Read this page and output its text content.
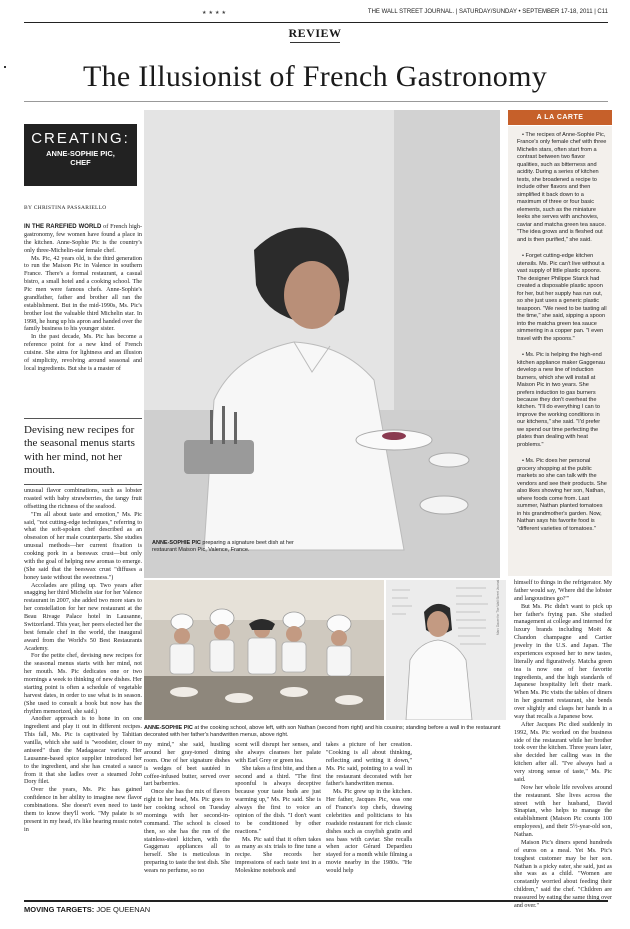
★★★★	THE WALL STREET JOURNAL. | SATURDAY/SUNDAY • SEPTEMBER 17-18, 2011 | C11
REVIEW
The Illusionist of French Gastronomy
CREATING:
ANNE-SOPHIE PIC,
CHEF
BY CHRISTINA PASSARIELLO

IN THE RAREFIED WORLD of French high-gastronomy, few women have found a place in the kitchen. Anne-Sophie Pic is the country's only three-Michelin-star female chef.

Ms. Pic, 42 years old, is the third generation to run the Maison Pic in Valence in southern France. There's a formal restaurant, a casual bistro, a small hotel and a cooking school. The Pic men were famous chefs. Anne-Sophie's grandfather, father and brother all ran the establishment. But in the mid-1990s, Ms. Pic's brother lost the valuable third Michelin star. In 1998, he hung up his apron and handed over the family business to his younger sister.

In the past decade, Ms. Pic has become a reference point for a new kind of French cuisine. She aims for lightness and an illusion of simplicity, revolving around seasonal and local ingredients. But she is a master of

Devising new recipes for the seasonal menus starts with her mind, not her mouth.

unusual flavor combinations, such as lobster roasted with baby strawberries, the tangy fruit offsetting the richness of the seafood.

"I'm all about taste and emotion," Ms. Pic said, "not cutting-edge techniques," referring to what the soft-spoken chef described as an obsession of her male counterparts. She studies unusual methods—her current fixation is cooking pork in a beeswax crust—but only with the goal of helping new aromas to emerge. (She said that the beeswax crust "diffuses a honey taste without the sweetness.")

Accolades are piling up. Two years after snagging her third Michelin star for her Valence restaurant in 2007, she added two more stars to her constellation for her new restaurant at the Beau Rivage Palace hotel in Lausanne, Switzerland. This year, her peers elected her the best female chef in the world, the inaugural award from the World's 50 Best Restaurants Academy.

For the petite chef, devising new recipes for the seasonal menus starts with her mind, not her mouth. Ms. Pic dedicates one or two mornings a week to thinking of new dishes. Her starting point is often a schedule of vegetable harvest dates, in order to use what is in season. (She used to consult a book but now has the rhythm memorized, she said.)

Another approach is to hone in on one ingredient and play it out in different recipes. This fall, Ms. Pic is captivated by Tahitian vanilla, which she said is "woodsier, closer to aniseed" than the Madagascar variety. Her Lausanne-based spice supplier introduced her to the ingredient, and she has created a sauce from it that she ladles over a steamed John Dory filet.

Over the years, Ms. Pic has gained confidence in her ability to imagine new flavor combinations. She doesn't even need to taste them to know they'll work. "My palate is so present in my head, it's like hearing music notes in

ANNE-SOPHIE PIC preparing a signature beet dish at her restaurant Maison Pic, Valence, France.
A LA CARTE

• The recipes of Anne-Sophie Pic, France's only female chef with three Michelin stars, often start from a contrast between two flavor qualities, such as bitterness and acidity. During a series of kitchen tests, she broadened a recipe to include other flavors and then simplified it back down to a maximum of three or four basic elements, such as the miniature leeks she serves with anchovies, caviar and matcha green tea sauce. "The idea grows and is fleshed out and is then purified," she said.

• Forget cutting-edge kitchen utensils. Ms. Pic can't live without a vast supply of little plastic spoons. The designer Philippe Starck had created a disposable plastic spoon for her, but her supply has run out, so she just uses a generic plastic teaspoon. "We need to be tasting all the time," she said, sipping a spoon into the matcha green tea sauce simmering in a copper pan. "I even travel with the spoons."

• Ms. Pic is helping the high-end kitchen appliance maker Gaggenau develop a new line of induction burners, which she will install at Maison Pic in two years. She prefers induction to gas burners because they don't overheat the kitchen. "I'll do everything I can to improve the working conditions in our kitchens," she said. "I'd prefer we spend our time perfecting the plates than dealing with heat problems."

• Ms. Pic does her personal grocery shopping at the public markets so she can talk with the vendors and see their products. She also likes showing her son, Nathan, where foods come from. Last summer, Nathan planted tomatoes in his grandmother's garden. Now, Nathan says his favorite food is "different varieties of tomatoes."

Marc Dauer for The Wall Street Journal
ANNE-SOPHIE PIC at the cooking school, above left, with son Nathan (second from right) and his cousins; standing before a wall in the restaurant decorated with her father's handwritten menus, above right.

my mind," she said, hustling around her gray-toned dining room. One of her signature dishes is wedges of beet sautéed in coffee-infused butter, served over tart barberries.

Once she has the mix of flavors right in her head, Ms. Pic goes to her cooking school on Tuesday mornings with her second-in-command. The school is closed then, so she has the run of the stainless-steel kitchen, with the Gaggenau appliances all to herself. She is meticulous in preparing to taste the test dish. She wears no perfume, so no

scent will disrupt her senses, and she always cleanses her palate with Earl Grey or green tea.

She takes a first bite, and then a second and a third. "The first spoonful is always deceptive because your taste buds are just warming up," Ms. Pic said. She is always the first to voice an opinion of the dish. "I don't want to be conditioned by other reactions."

Ms. Pic said that it often takes as many as six trials to fine tune a recipe. She records her impressions of each taste test in a Moleskine notebook and

takes a picture of her creation. "Cooking is all about thinking, reflecting and writing it down," Ms. Pic said, pointing to a wall in the restaurant decorated with her father's handwritten menus.

Ms. Pic grew up in the kitchen. Her father, Jacques Pic, was one of France's top chefs, drawing celebrities and politicians to his roadside restaurant for rich classic dishes such as crayfish gratin and sea bass with caviar. She recalls when actor Gérard Depardieu stayed for a month while filming a movie nearby in the 1980s. "He would help

himself to things in the refrigerator. My father would say, 'Where did the lobster and langoustines go?'"

But Ms. Pic didn't want to pick up her father's frying pan. She studied management at college and interned for luxury brands including Moët & Chandon champagne and Cartier jewelry in the U.S. and Japan. The experiences exposed her to new tastes, literally and figuratively. Matcha green tea is now one of her favorite ingredients, and the high standards of Japanese hospitality left their mark. When Ms. Pic visits the tables of diners in her gourmet restaurant, she bends over slightly and clasps her hands in a way that recalls a Japanese bow.

After Jacques Pic died suddenly in 1992, Ms. Pic worked on the business side of the restaurant while her brother took over the kitchen. Three years later, she decided her calling was in the kitchen after all. "I've always had a very strong sense of taste," Ms. Pic said.

Now her whole life revolves around the restaurant. She lives across the street with her husband, David Sinapian, who helps to manage the establishment (Maison Pic counts 100 employees), and their 5½-year-old son, Nathan.

Maison Pic's diners spend hundreds of euros on a meal. Yet Ms. Pic's toughest customer may be her son. Nathan is a picky eater, she said, just as she was as a child. "Women are constantly worried about feeding their children," said the chef. "Children are reassured by eating the same thing over and over."

MOVING TARGETS: JOE QUEENAN
